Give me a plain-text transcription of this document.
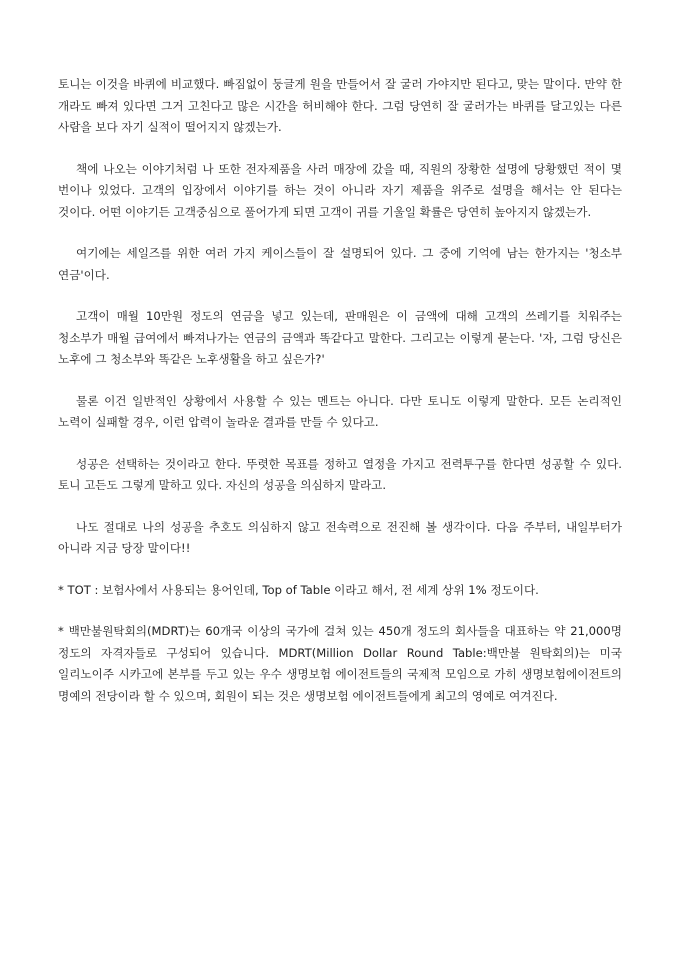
토니는 이것을 바퀴에 비교했다. 빠짐없이 둥글게 원을 만들어서 잘 굴러 가야지만 된다고, 맞는 말이다. 만약 한 개라도 빠져 있다면 그거 고친다고 많은 시간을 허비해야 한다. 그럼 당연히 잘 굴러가는 바퀴를 달고있는 다른 사람을 보다 자기 실적이 떨어지지 않겠는가.

책에 나오는 이야기처럼 나 또한 전자제품을 사러 매장에 갔을 때, 직원의 장황한 설명에 당황했던 적이 몇 번이나 있었다. 고객의 입장에서 이야기를 하는 것이 아니라 자기 제품을 위주로 설명을 해서는 안 된다는 것이다. 어떤 이야기든 고객중심으로 풀어가게 되면 고객이 귀를 기울일 확률은 당연히 높아지지 않겠는가.

여기에는 세일즈를 위한 여러 가지 케이스들이 잘 설명되어 있다. 그 중에 기억에 남는 한가지는 '청소부 연금'이다.

고객이 매월 10만원 정도의 연금을 넣고 있는데, 판매원은 이 금액에 대해 고객의 쓰레기를 치워주는 청소부가 매월 급여에서 빠져나가는 연금의 금액과 똑같다고 말한다. 그리고는 이렇게 묻는다. '자, 그럼 당신은 노후에 그 청소부와 똑같은 노후생활을 하고 싶은가?'

물론 이건 일반적인 상황에서 사용할 수 있는 멘트는 아니다. 다만 토니도 이렇게 말한다. 모든 논리적인 노력이 실패할 경우, 이런 압력이 놀라운 결과를 만들 수 있다고.

성공은 선택하는 것이라고 한다. 뚜렷한 목표를 정하고 열정을 가지고 전력투구를 한다면 성공할 수 있다. 토니 고든도 그렇게 말하고 있다. 자신의 성공을 의심하지 말라고.

나도 절대로 나의 성공을 추호도 의심하지 않고 전속력으로 전진해 볼 생각이다. 다음 주부터, 내일부터가 아니라 지금 당장 말이다!!

* TOT : 보험사에서 사용되는 용어인데, Top of Table 이라고 해서, 전 세계 상위 1% 정도이다.

* 백만불원탁회의(MDRT)는 60개국 이상의 국가에 걸쳐 있는 450개 정도의 회사들을 대표하는 약 21,000명 정도의 자격자들로 구성되어 있습니다. MDRT(Million Dollar Round Table:백만불 원탁회의)는 미국 일리노이주 시카고에 본부를 두고 있는 우수 생명보험 에이전트들의 국제적 모임으로 가히 생명보험에이전트의 명예의 전당이라 할 수 있으며, 회원이 되는 것은 생명보험 에이전트들에게 최고의 영예로 여겨진다.
